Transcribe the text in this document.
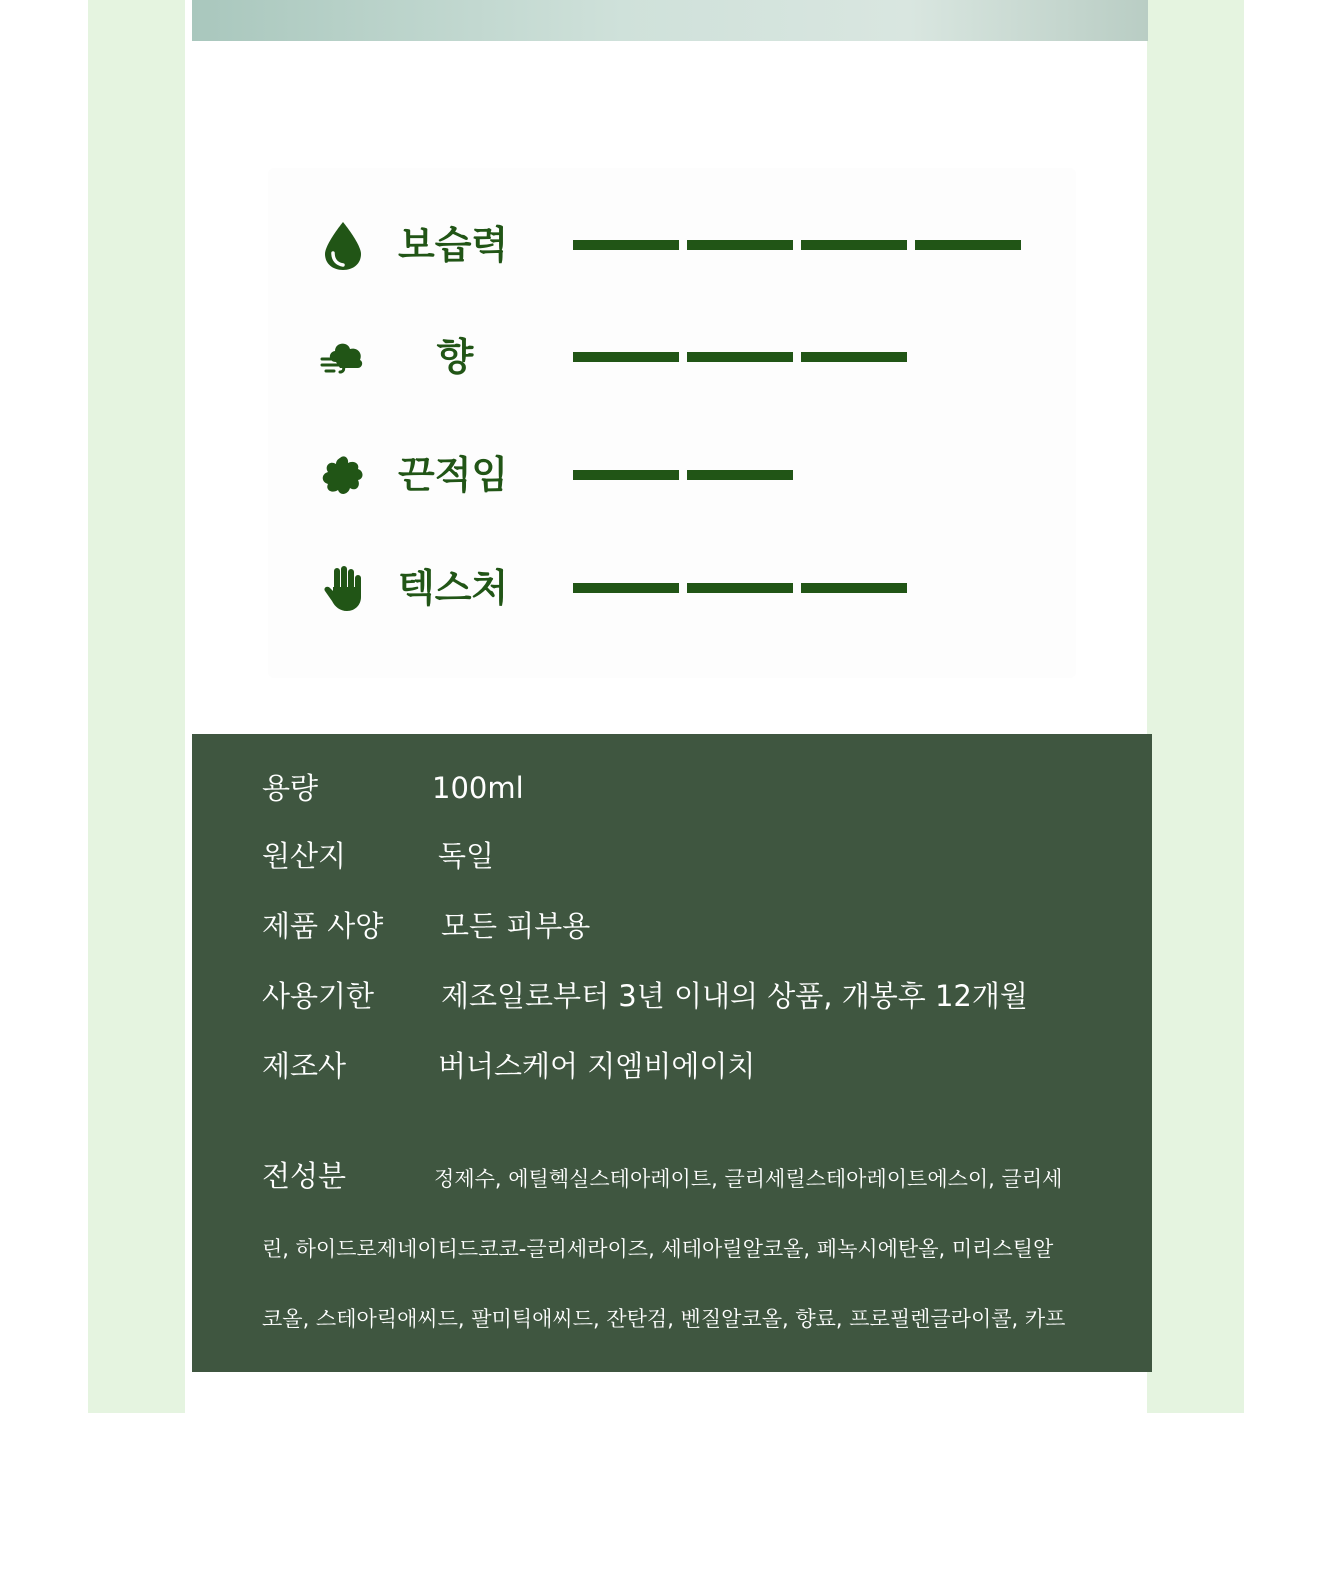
보습력
향
끈적임
텍스처
용량	100ml
원산지	독일
제품 사양 모든 피부용
사용기한 제조일로부터 3년 이내의 상품, 개봉후 12개월
제조사	버너스케어 지엠비에이치

전성분	정제수, 에틸헥실스테아레이트, 글리세릴스테아레이트에스이, 글리세

린, 하이드로제네이티드코코-글리세라이즈, 세테아릴알코올, 페녹시에탄올, 미리스틸알

코올, 스테아릭애씨드, 팔미틱애씨드, 잔탄검, 벤질알코올, 향료, 프로필렌글라이콜, 카프

릴릴글라이콜, 데실렌글라이콜, 헥실신남알, 리날룰, 부틸렌글라이콜, 마트리카리아꽃추

출물, 비사보롤, 리모넨, 시트로넬올, 알파-아이소메틸아이오논, 시트랄, 글루코오스, 락틱

애씨드, 소듐벤조에이트, 쿠마린, 제라니올, 포타슘솔베이트
